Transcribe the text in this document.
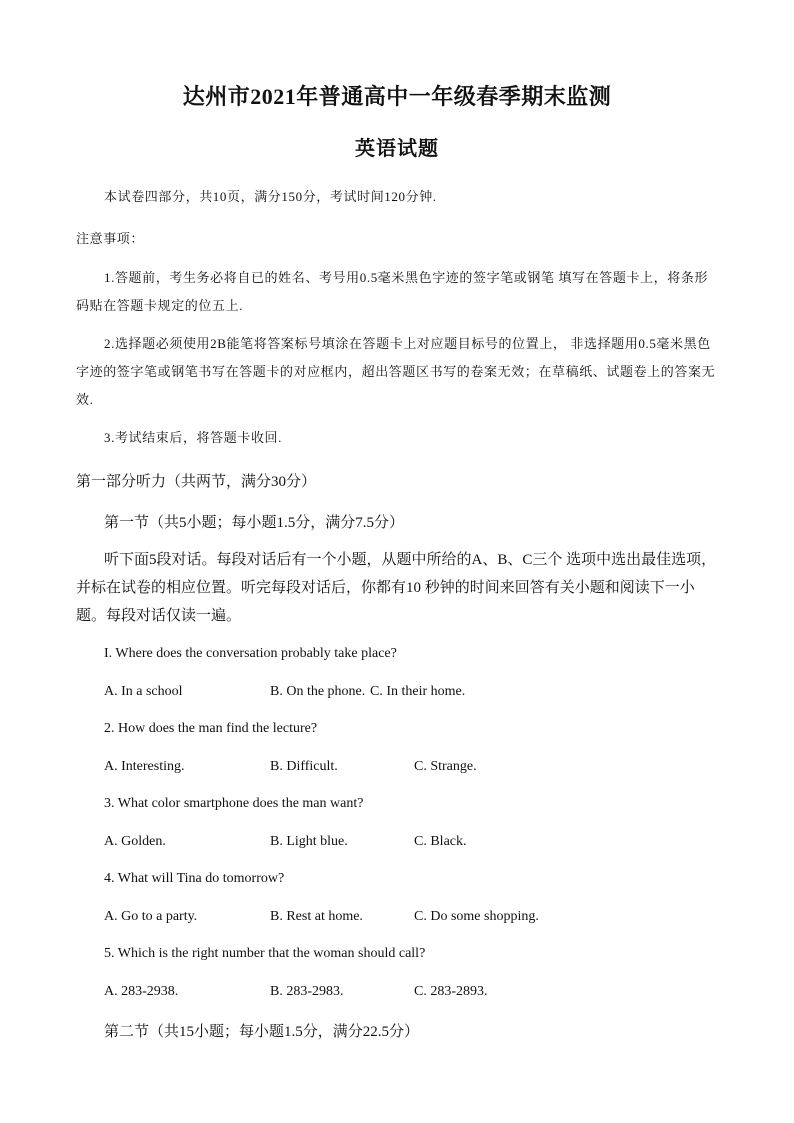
达州市2021年普通高中一年级春季期末监测
英语试题
本试卷四部分，共10页，满分150分，考试时间120分钟.
注意事项：
1.答题前，考生务必将自已的姓名、考号用0.5毫米黑色字迹的签字笔或钢笔 填写在答题卡上，将条形码贴在答题卡规定的位五上.
2.选择题必须使用2B能笔将答案标号填涂在答题卡上对应题目标号的位置上， 非选择题用0.5毫米黑色字迹的签字笔或钢笔书写在答题卡的对应框内，超出答题区书写的卷案无效；在草稿纸、试题卷上的答案无效.
3.考试结束后，将答题卡收回.
第一部分听力（共两节，满分30分）
第一节（共5小题；每小题1.5分，满分7.5分）
听下面5段对话。每段对话后有一个小题，从题中所给的A、B、C三个 选项中选出最佳选项，并标在试卷的相应位置。听完每段对话后，你都有10 秒钟的时间来回答有关小题和阅读下一小题。每段对话仅读一遍。
I. Where does the conversation probably take place?
A. In a school	B. On the phone. C. In their home.
2. How does the man find the lecture?
A. Interesting.	B. Difficult.	C. Strange.
3. What color smartphone does the man want?
A. Golden.	B. Light blue.	C. Black.
4. What will Tina do tomorrow?
A. Go to a party.	B. Rest at home.	C. Do some shopping.
5. Which is the right number that the woman should call?
A. 283-2938.	B. 283-2983.	C. 283-2893.
第二节（共15小题；每小题1.5分，满分22.5分）
